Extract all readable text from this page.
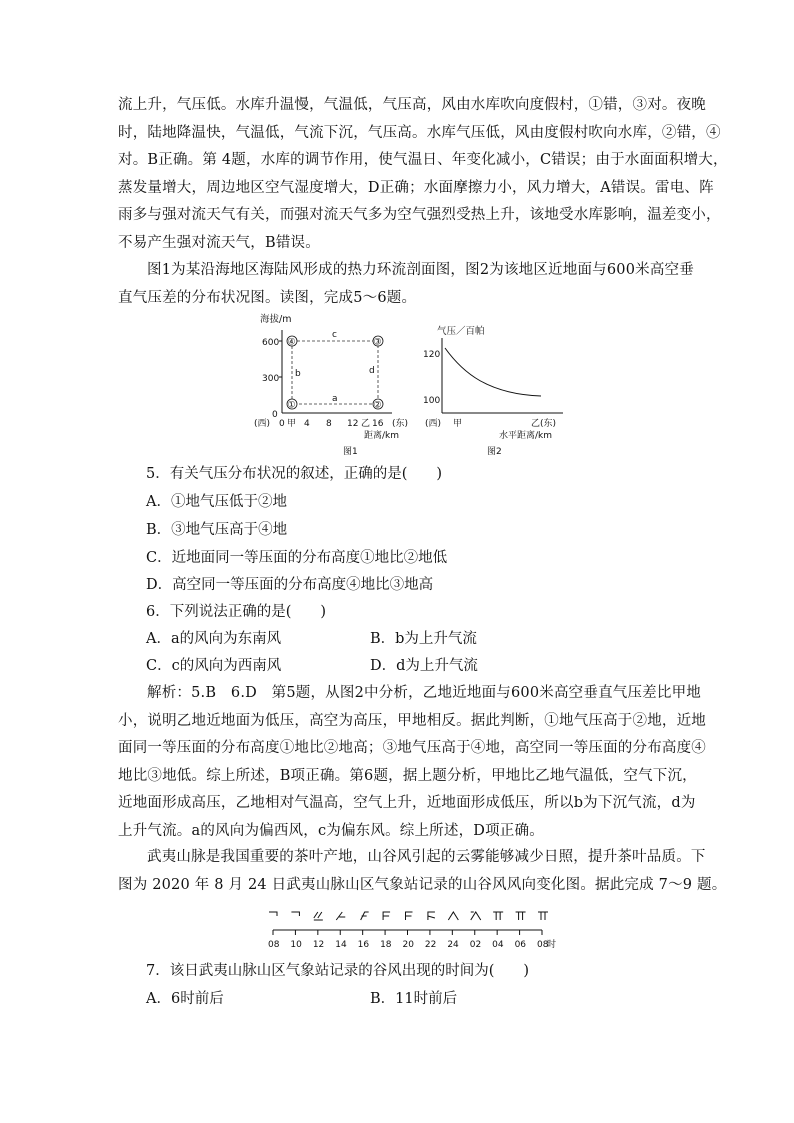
流上升，气压低。水库升温慢，气温低，气压高，风由水库吹向度假村，①错，③对。夜晚
时，陆地降温快，气温低，气流下沉，气压高。水库气压低，风由度假村吹向水库，②错，④
对。B正确。第 4题，水库的调节作用，使气温日、年变化减小，C错误；由于水面面积增大，
蒸发量增大，周边地区空气湿度增大，D正确；水面摩擦力小，风力增大，A错误。雷电、阵
雨多与强对流天气有关，而强对流天气多为空气强烈受热上升，该地受水库影响，温差变小，
不易产生强对流天气，B错误。
图1为某沿海地区海陆风形成的热力环流剖面图，图2为该地区近地面与600米高空垂
直气压差的分布状况图。读图，完成5～6题。
海拔/m
600
300
0
④	③
①	②
c
b	d
a
(西) 0 甲 4 8 12 乙 16 (东)
距离/km
图1
气压／百帕
120
100
(西) 甲	乙(东)
水平距离/km
图2
5．有关气压分布状况的叙述，正确的是(　　)
A．①地气压低于②地
B．③地气压高于④地
C．近地面同一等压面的分布高度①地比②地低
D．高空同一等压面的分布高度④地比③地高
6．下列说法正确的是(　　)
A．a的风向为东南风	B．b为上升气流
C．c的风向为西南风	D．d为上升气流
解析：5.B　6.D　第5题，从图2中分析，乙地近地面与600米高空垂直气压差比甲地
小，说明乙地近地面为低压，高空为高压，甲地相反。据此判断，①地气压高于②地，近地
面同一等压面的分布高度①地比②地高；③地气压高于④地，高空同一等压面的分布高度④
地比③地低。综上所述，B项正确。第6题，据上题分析，甲地比乙地气温低，空气下沉，
近地面形成高压，乙地相对气温高，空气上升，近地面形成低压，所以b为下沉气流，d为
上升气流。a的风向为偏西风，c为偏东风。综上所述，D项正确。
武夷山脉是我国重要的茶叶产地，山谷风引起的云雾能够减少日照，提升茶叶品质。下
图为 2020 年 8 月 24 日武夷山脉山区气象站记录的山谷风风向变化图。据此完成 7～9 题。
08 10 12 14 16 18 20 22 24 02 04 06 08
时
7．该日武夷山脉山区气象站记录的谷风出现的时间为(　　)
A．6时前后	B．11时前后
